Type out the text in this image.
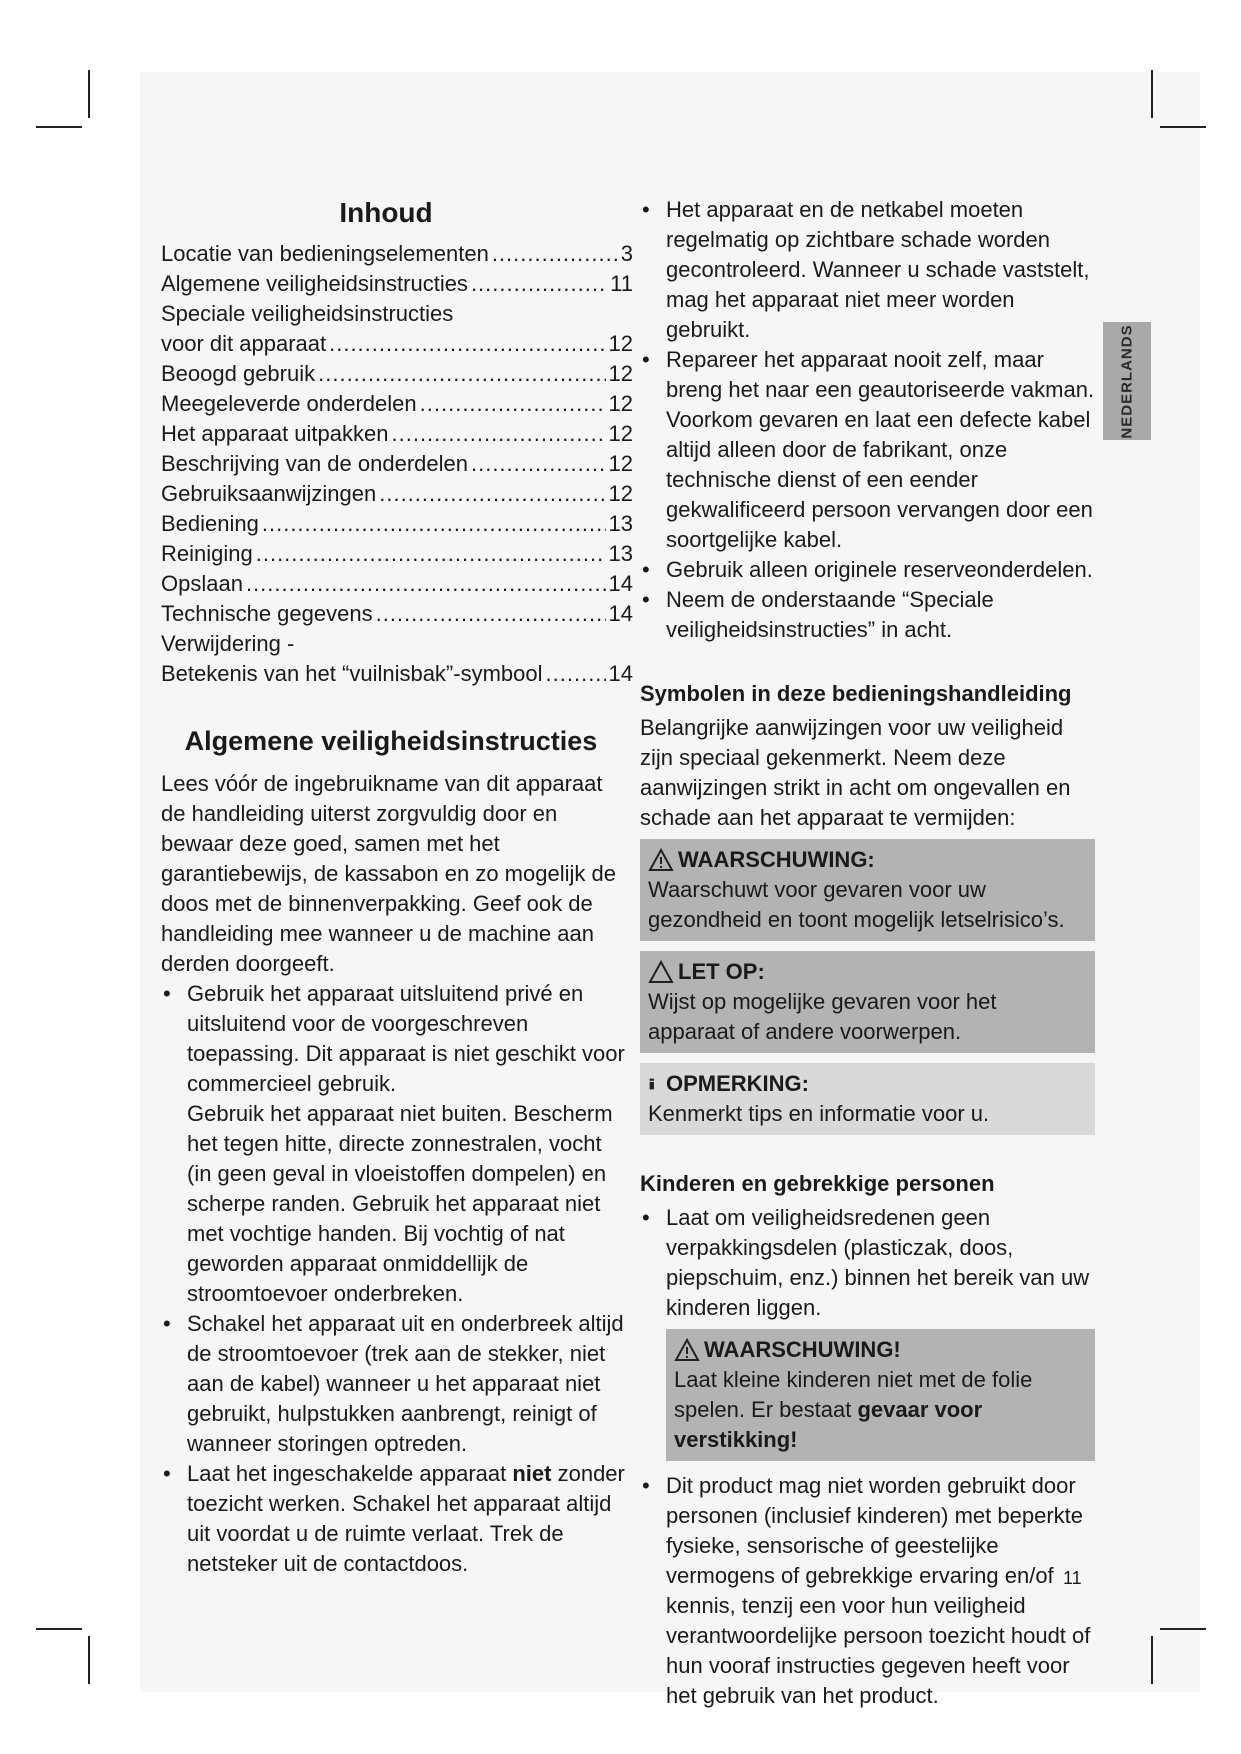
Inhoud
Locatie van bedieningselementen .....	3
Algemene veiligheidsinstructies .....	11
Speciale veiligheidsinstructies
voor dit apparaat .....	12
Beoogd gebruik .....	12
Meegeleverde onderdelen .....	12
Het apparaat uitpakken .....	12
Beschrijving van de onderdelen .....	12
Gebruiksaanwijzingen .....	12
Bediening .....	13
Reiniging .....	13
Opslaan .....	14
Technische gegevens .....	14
Verwijdering -
Betekenis van het “vuilnisbak”-symbool .....	14
Algemene veiligheidsinstructies

Lees vóór de ingebruikname van dit apparaat de handleiding uiterst zorgvuldig door en bewaar deze goed, samen met het garantiebewijs, de kassabon en zo mogelijk de doos met de binnenverpakking. Geef ook de handleiding mee wanneer u de machine aan derden doorgeeft.

• Gebruik het apparaat uitsluitend privé en uitsluitend voor de voorgeschreven toepassing. Dit apparaat is niet geschikt voor commercieel gebruik.
Gebruik het apparaat niet buiten. Bescherm het tegen hitte, directe zonnestralen, vocht (in geen geval in vloeistoffen dompelen) en scherpe randen. Gebruik het apparaat niet met vochtige handen. Bij vochtig of nat geworden apparaat onmiddellijk de stroomtoevoer onderbreken.
• Schakel het apparaat uit en onderbreek altijd de stroomtoevoer (trek aan de stekker, niet aan de kabel) wanneer u het apparaat niet gebruikt, hulpstukken aanbrengt, reinigt of wanneer storingen optreden.
• Laat het ingeschakelde apparaat niet zonder toezicht werken. Schakel het apparaat altijd uit voordat u de ruimte verlaat. Trek de netsteker uit de contactdoos.
• Het apparaat en de netkabel moeten regelmatig op zichtbare schade worden gecontroleerd. Wanneer u schade vaststelt, mag het apparaat niet meer worden gebruikt.
• Repareer het apparaat nooit zelf, maar breng het naar een geautoriseerde vakman. Voorkom gevaren en laat een defecte kabel altijd alleen door de fabrikant, onze technische dienst of een eender gekwalificeerd persoon vervangen door een soortgelijke kabel.
• Gebruik alleen originele reserveonderdelen.
• Neem de onderstaande “Speciale veiligheidsinstructies” in acht.
Symbolen in deze bedieningshandleiding

Belangrijke aanwijzingen voor uw veiligheid zijn speciaal gekenmerkt. Neem deze aanwijzingen strikt in acht om ongevallen en schade aan het apparaat te vermijden:

WAARSCHUWING:

Waarschuwt voor gevaren voor uw gezondheid en toont mogelijk letselrisico’s.

LET OP:

Wijst op mogelijke gevaren voor het apparaat of andere voorwerpen.

OPMERKING:

Kenmerkt tips en informatie voor u.

Kinderen en gebrekkige personen
• Laat om veiligheidsredenen geen verpakkingsdelen (plasticzak, doos, piepschuim, enz.) binnen het bereik van uw kinderen liggen.
WAARSCHUWING!

Laat kleine kinderen niet met de folie spelen. Er bestaat gevaar voor verstikking!

• Dit product mag niet worden gebruikt door personen (inclusief kinderen) met beperkte fysieke, sensorische of geestelijke vermogens of gebrekkige ervaring en/of kennis, tenzij een voor hun veiligheid verantwoordelijke persoon toezicht houdt of hun vooraf instructies gegeven heeft voor het gebruik van het product.
NEDERLANDS
11
